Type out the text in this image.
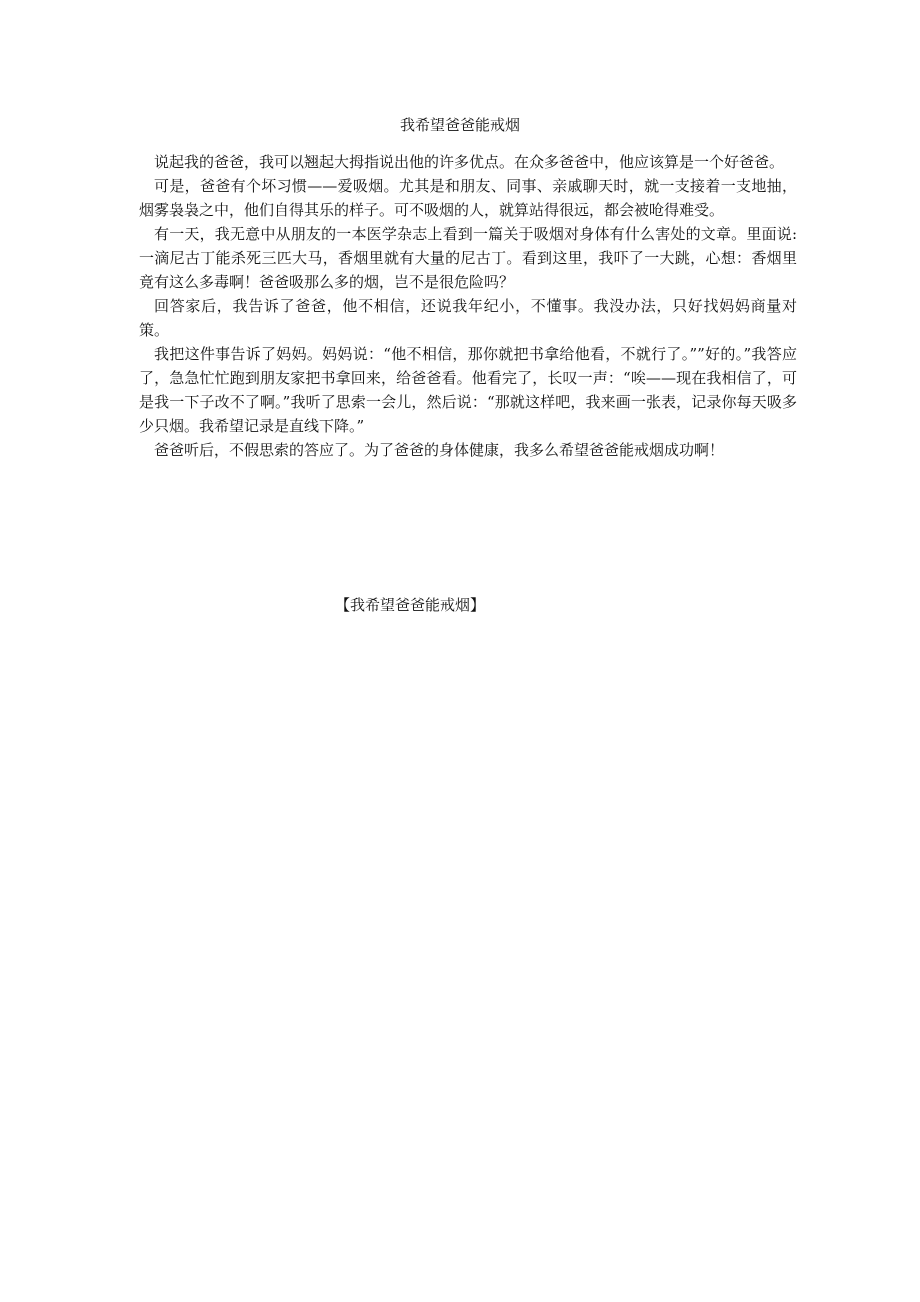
我希望爸爸能戒烟

说起我的爸爸，我可以翘起大拇指说出他的许多优点。在众多爸爸中，他应该算是一个好爸爸。

可是，爸爸有个坏习惯——爱吸烟。尤其是和朋友、同事、亲戚聊天时，就一支接着一支地抽，烟雾袅袅之中，他们自得其乐的样子。可不吸烟的人，就算站得很远，都会被呛得难受。

有一天，我无意中从朋友的一本医学杂志上看到一篇关于吸烟对身体有什么害处的文章。里面说: 一滴尼古丁能杀死三匹大马，香烟里就有大量的尼古丁。看到这里，我吓了一大跳，心想：香烟里竟有这么多毒啊！爸爸吸那么多的烟，岂不是很危险吗？

回答家后，我告诉了爸爸，他不相信，还说我年纪小，不懂事。我没办法，只好找妈妈商量对策。

我把这件事告诉了妈妈。妈妈说：“他不相信，那你就把书拿给他看，不就行了。””好的。”我答应了，急急忙忙跑到朋友家把书拿回来，给爸爸看。他看完了，长叹一声：“唉——现在我相信了，可是我一下子改不了啊。”我听了思索一会儿，然后说：“那就这样吧，我来画一张表，记录你每天吸多少只烟。我希望记录是直线下降。”

爸爸听后，不假思索的答应了。为了爸爸的身体健康，我多么希望爸爸能戒烟成功啊！

【我希望爸爸能戒烟】
